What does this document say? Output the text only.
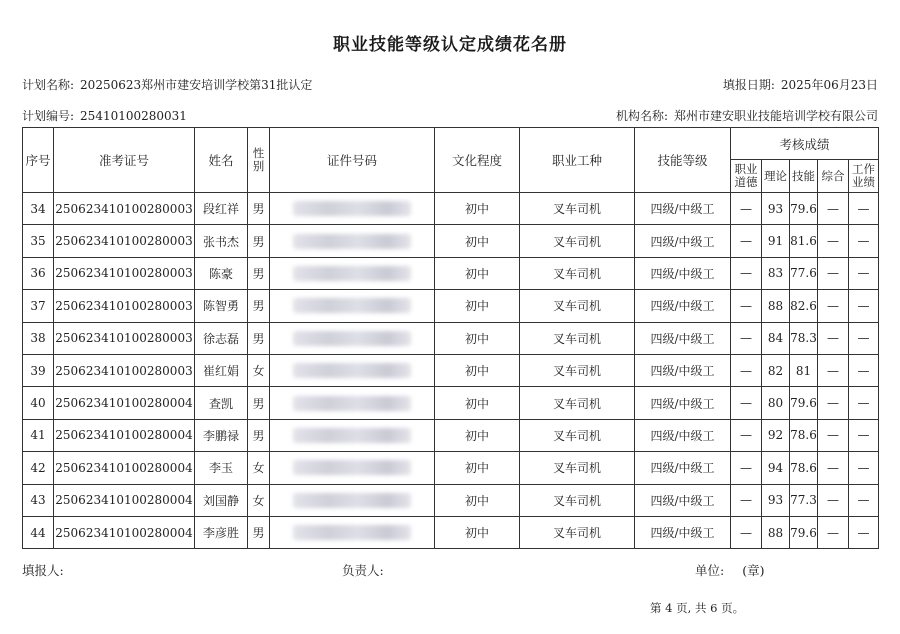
职业技能等级认定成绩花名册
计划名称: 20250623郑州市建安培训学校第31批认定	填报日期: 2025年06月23日
计划编号: 25410100280031	机构名称: 郑州市建安职业技能培训学校有限公司
序号	准考证号	姓名	性别	证件号码	文化程度	职业工种	技能等级	考核成绩				
								职业道德	理论	技能	综合	工作业绩
34	250623410100280003	段红祥	男		初中	叉车司机	四级/中级工	—	93	79.6	—	—
35	250623410100280003	张书杰	男		初中	叉车司机	四级/中级工	—	91	81.6	—	—
36	250623410100280003	陈豪	男		初中	叉车司机	四级/中级工	—	83	77.6	—	—
37	250623410100280003	陈智勇	男		初中	叉车司机	四级/中级工	—	88	82.6	—	—
38	250623410100280003	徐志磊	男		初中	叉车司机	四级/中级工	—	84	78.3	—	—
39	250623410100280003	崔红娟	女		初中	叉车司机	四级/中级工	—	82	81	—	—
40	250623410100280004	查凯	男		初中	叉车司机	四级/中级工	—	80	79.6	—	—
41	250623410100280004	李鹏禄	男		初中	叉车司机	四级/中级工	—	92	78.6	—	—
42	250623410100280004	李玉	女		初中	叉车司机	四级/中级工	—	94	78.6	—	—
43	250623410100280004	刘国静	女		初中	叉车司机	四级/中级工	—	93	77.3	—	—
44	250623410100280004	李彦胜	男		初中	叉车司机	四级/中级工	—	88	79.6	—	—
填报人:	负责人:	单位: (章)
第 4 页, 共 6 页。
